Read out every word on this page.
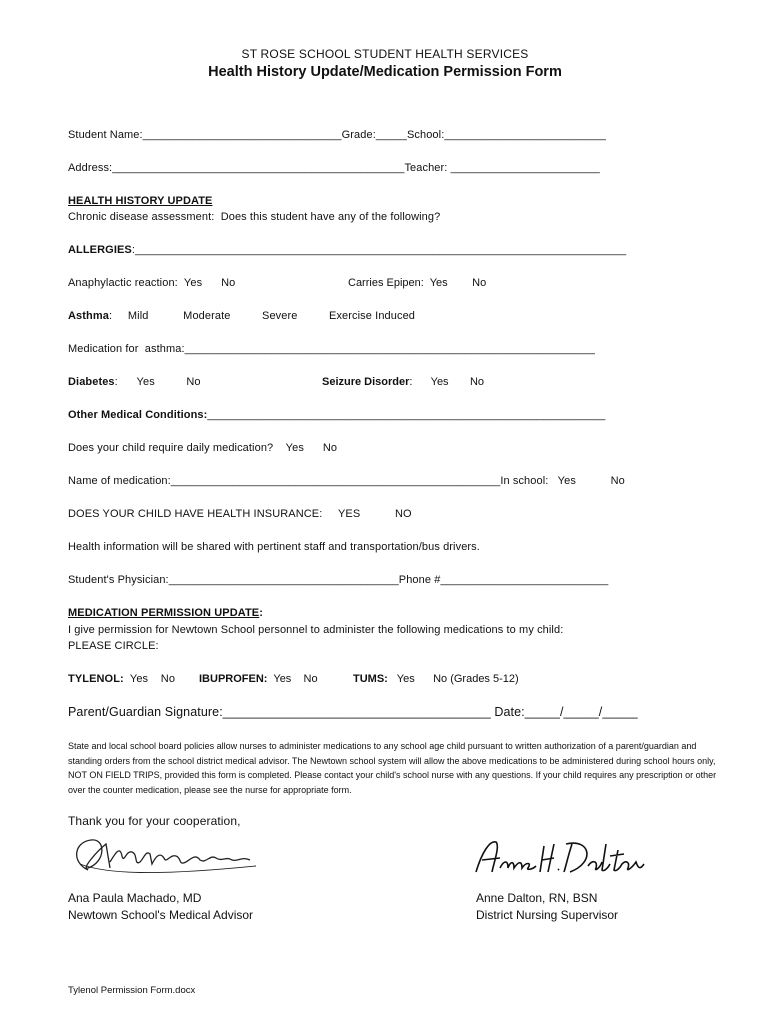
ST ROSE SCHOOL STUDENT HEALTH SERVICES
Health History Update/Medication Permission Form
Student Name:________________________________Grade:_____School:__________________________
Address:_______________________________________________Teacher: ________________________
HEALTH HISTORY UPDATE
Chronic disease assessment:  Does this student have any of the following?
ALLERGIES:_______________________________________________________________________________
Anaphylactic reaction:  Yes      No	Carries Epipen:  Yes        No
Asthma:     Mild           Moderate          Severe          Exercise Induced
Medication for  asthma:__________________________________________________________________
Diabetes:      Yes          No	Seizure Disorder:      Yes       No
Other Medical Conditions:________________________________________________________________
Does your child require daily medication?    Yes      No
Name of medication:_____________________________________________________In school:   Yes           No
DOES YOUR CHILD HAVE HEALTH INSURANCE:     YES           NO
Health information will be shared with pertinent staff and transportation/bus drivers.
Student's Physician:_____________________________________Phone #___________________________
MEDICATION PERMISSION UPDATE:
I give permission for Newtown School personnel to administer the following medications to my child:
PLEASE CIRCLE:
TYLENOL:  Yes    No IBUPROFEN:  Yes    No	TUMS:   Yes      No (Grades 5-12)
Parent/Guardian Signature:______________________________________ Date:_____/_____/_____
State and local school board policies allow nurses to administer medications to any school age child pursuant to written authorization of a parent/guardian and standing orders from the school district medical advisor. The Newtown school system will allow the above medications to be administered during school hours only, NOT ON FIELD TRIPS, provided this form is completed. Please contact your child's school nurse with any questions. If your child requires any prescription or other over the counter medication, please see the nurse for appropriate form.
Thank you for your cooperation,
Ana Paula Machado, MD
Newtown School's Medical Advisor
Anne Dalton, RN, BSN
District Nursing Supervisor
Tylenol Permission Form.docx
